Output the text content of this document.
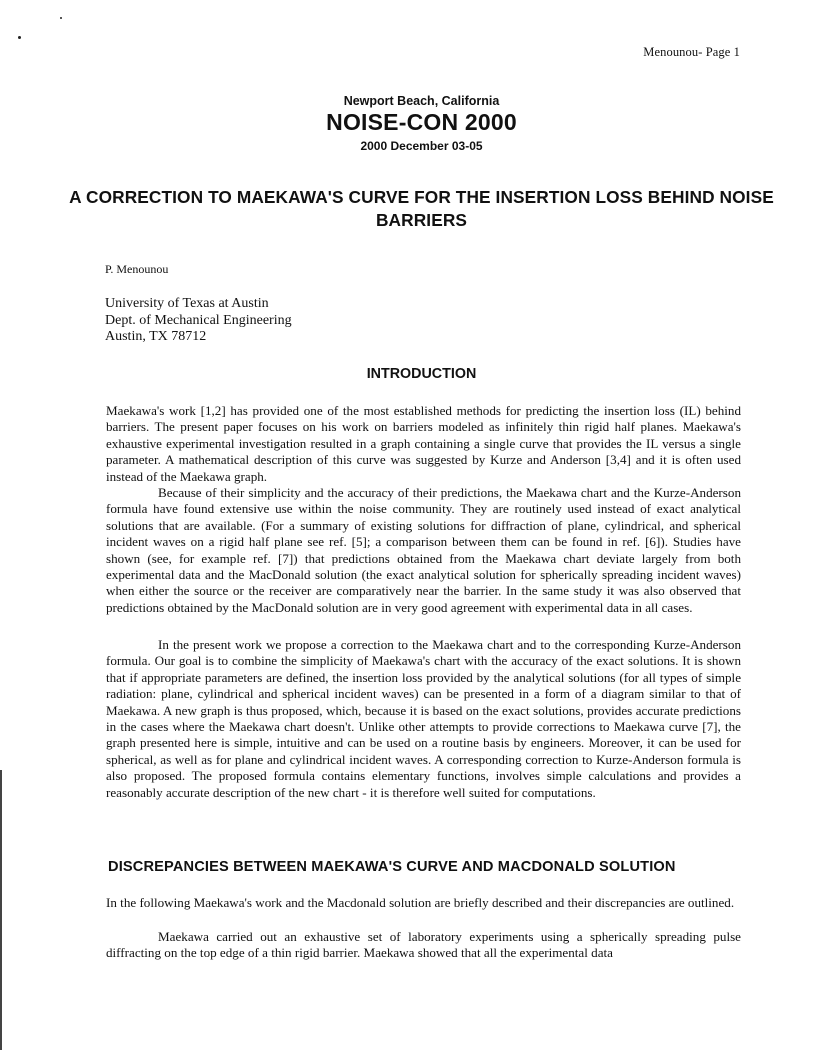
Menounou- Page 1
Newport Beach, California
NOISE-CON 2000
2000 December 03-05
A CORRECTION TO MAEKAWA'S CURVE FOR THE INSERTION LOSS BEHIND NOISE BARRIERS
P. Menounou
University of Texas at Austin
Dept. of Mechanical Engineering
Austin, TX 78712
INTRODUCTION

Maekawa's work [1,2] has provided one of the most established methods for predicting the insertion loss (IL) behind barriers. The present paper focuses on his work on barriers modeled as infinitely thin rigid half planes. Maekawa's exhaustive experimental investigation resulted in a graph containing a single curve that provides the IL versus a single parameter. A mathematical description of this curve was suggested by Kurze and Anderson [3,4] and it is often used instead of the Maekawa graph.

Because of their simplicity and the accuracy of their predictions, the Maekawa chart and the Kurze-Anderson formula have found extensive use within the noise community. They are routinely used instead of exact analytical solutions that are available. (For a summary of existing solutions for diffraction of plane, cylindrical, and spherical incident waves on a rigid half plane see ref. [5]; a comparison between them can be found in ref. [6]). Studies have shown (see, for example ref. [7]) that predictions obtained from the Maekawa chart deviate largely from both experimental data and the MacDonald solution (the exact analytical solution for spherically spreading incident waves) when either the source or the receiver are comparatively near the barrier. In the same study it was also observed that predictions obtained by the MacDonald solution are in very good agreement with experimental data in all cases.

In the present work we propose a correction to the Maekawa chart and to the corresponding Kurze-Anderson formula. Our goal is to combine the simplicity of Maekawa's chart with the accuracy of the exact solutions. It is shown that if appropriate parameters are defined, the insertion loss provided by the analytical solutions (for all types of simple radiation: plane, cylindrical and spherical incident waves) can be presented in a form of a diagram similar to that of Maekawa. A new graph is thus proposed, which, because it is based on the exact solutions, provides accurate predictions in the cases where the Maekawa chart doesn't. Unlike other attempts to provide corrections to Maekawa curve [7], the graph presented here is simple, intuitive and can be used on a routine basis by engineers. Moreover, it can be used for spherical, as well as for plane and cylindrical incident waves. A corresponding correction to Kurze-Anderson formula is also proposed. The proposed formula contains elementary functions, involves simple calculations and provides a reasonably accurate description of the new chart - it is therefore well suited for computations.

DISCREPANCIES BETWEEN MAEKAWA'S CURVE AND MACDONALD SOLUTION

In the following Maekawa's work and the Macdonald solution are briefly described and their discrepancies are outlined.

Maekawa carried out an exhaustive set of laboratory experiments using a spherically spreading pulse diffracting on the top edge of a thin rigid barrier. Maekawa showed that all the experimental data
